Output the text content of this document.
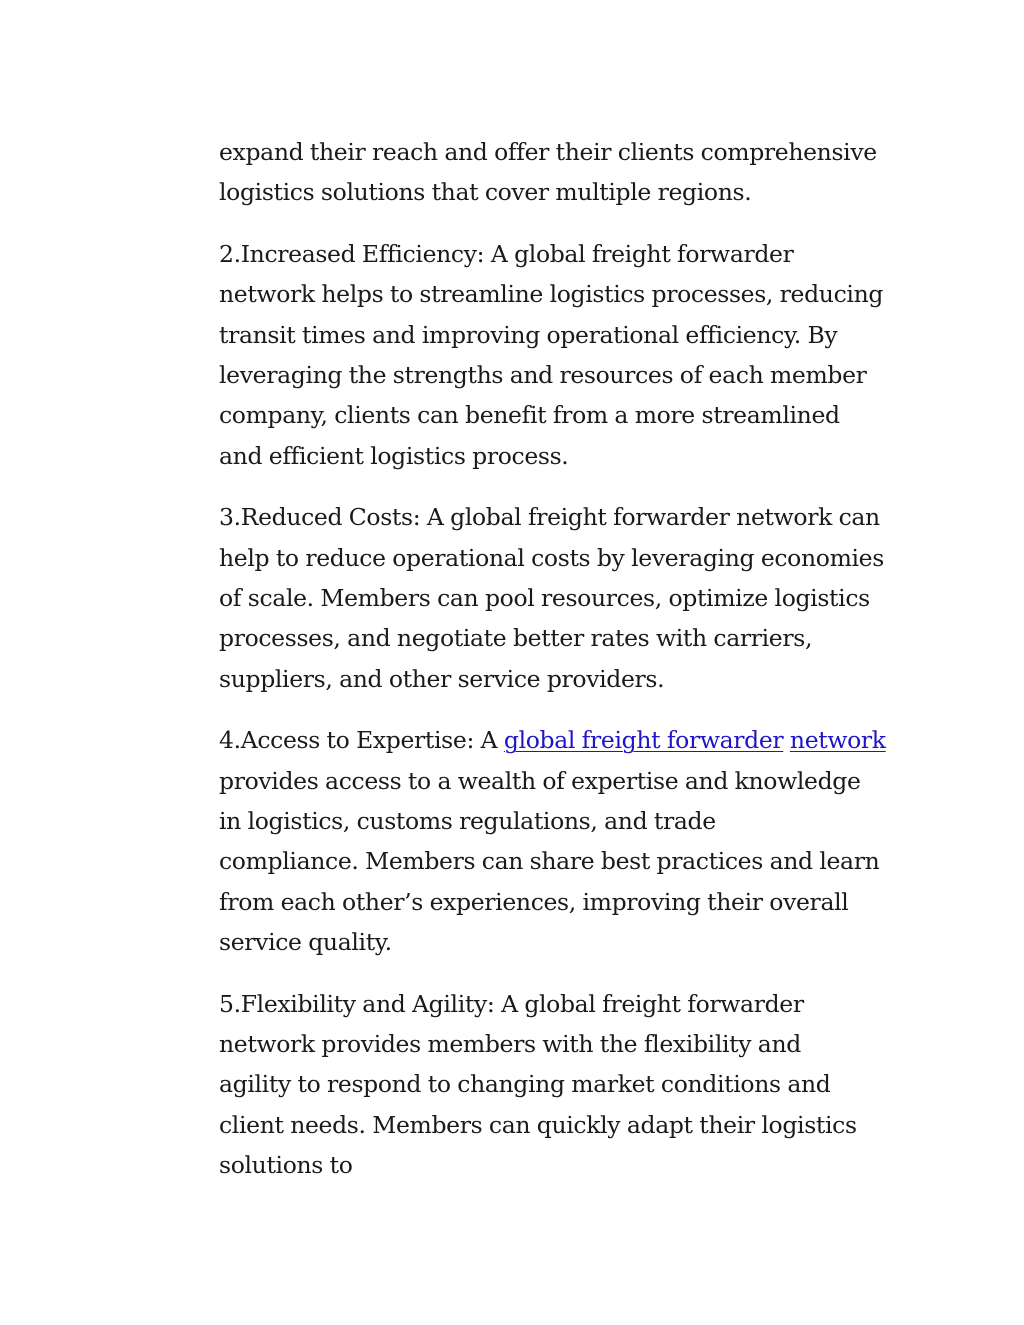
expand their reach and offer their clients comprehensive
logistics solutions that cover multiple regions.

2.Increased Efficiency: A global freight forwarder
network helps to streamline logistics processes, reducing
transit times and improving operational efficiency. By
leveraging the strengths and resources of each member
company, clients can benefit from a more streamlined
and efficient logistics process.

3.Reduced Costs: A global freight forwarder network can
help to reduce operational costs by leveraging economies
of scale. Members can pool resources, optimize logistics
processes, and negotiate better rates with carriers,
suppliers, and other service providers.

4.Access to Expertise: A global freight forwarder network
provides access to a wealth of expertise and knowledge
in logistics, customs regulations, and trade
compliance. Members can share best practices and learn
from each other’s experiences, improving their overall
service quality.

5.Flexibility and Agility: A global freight forwarder
network provides members with the flexibility and
agility to respond to changing market conditions and
client needs. Members can quickly adapt their logistics
solutions to
